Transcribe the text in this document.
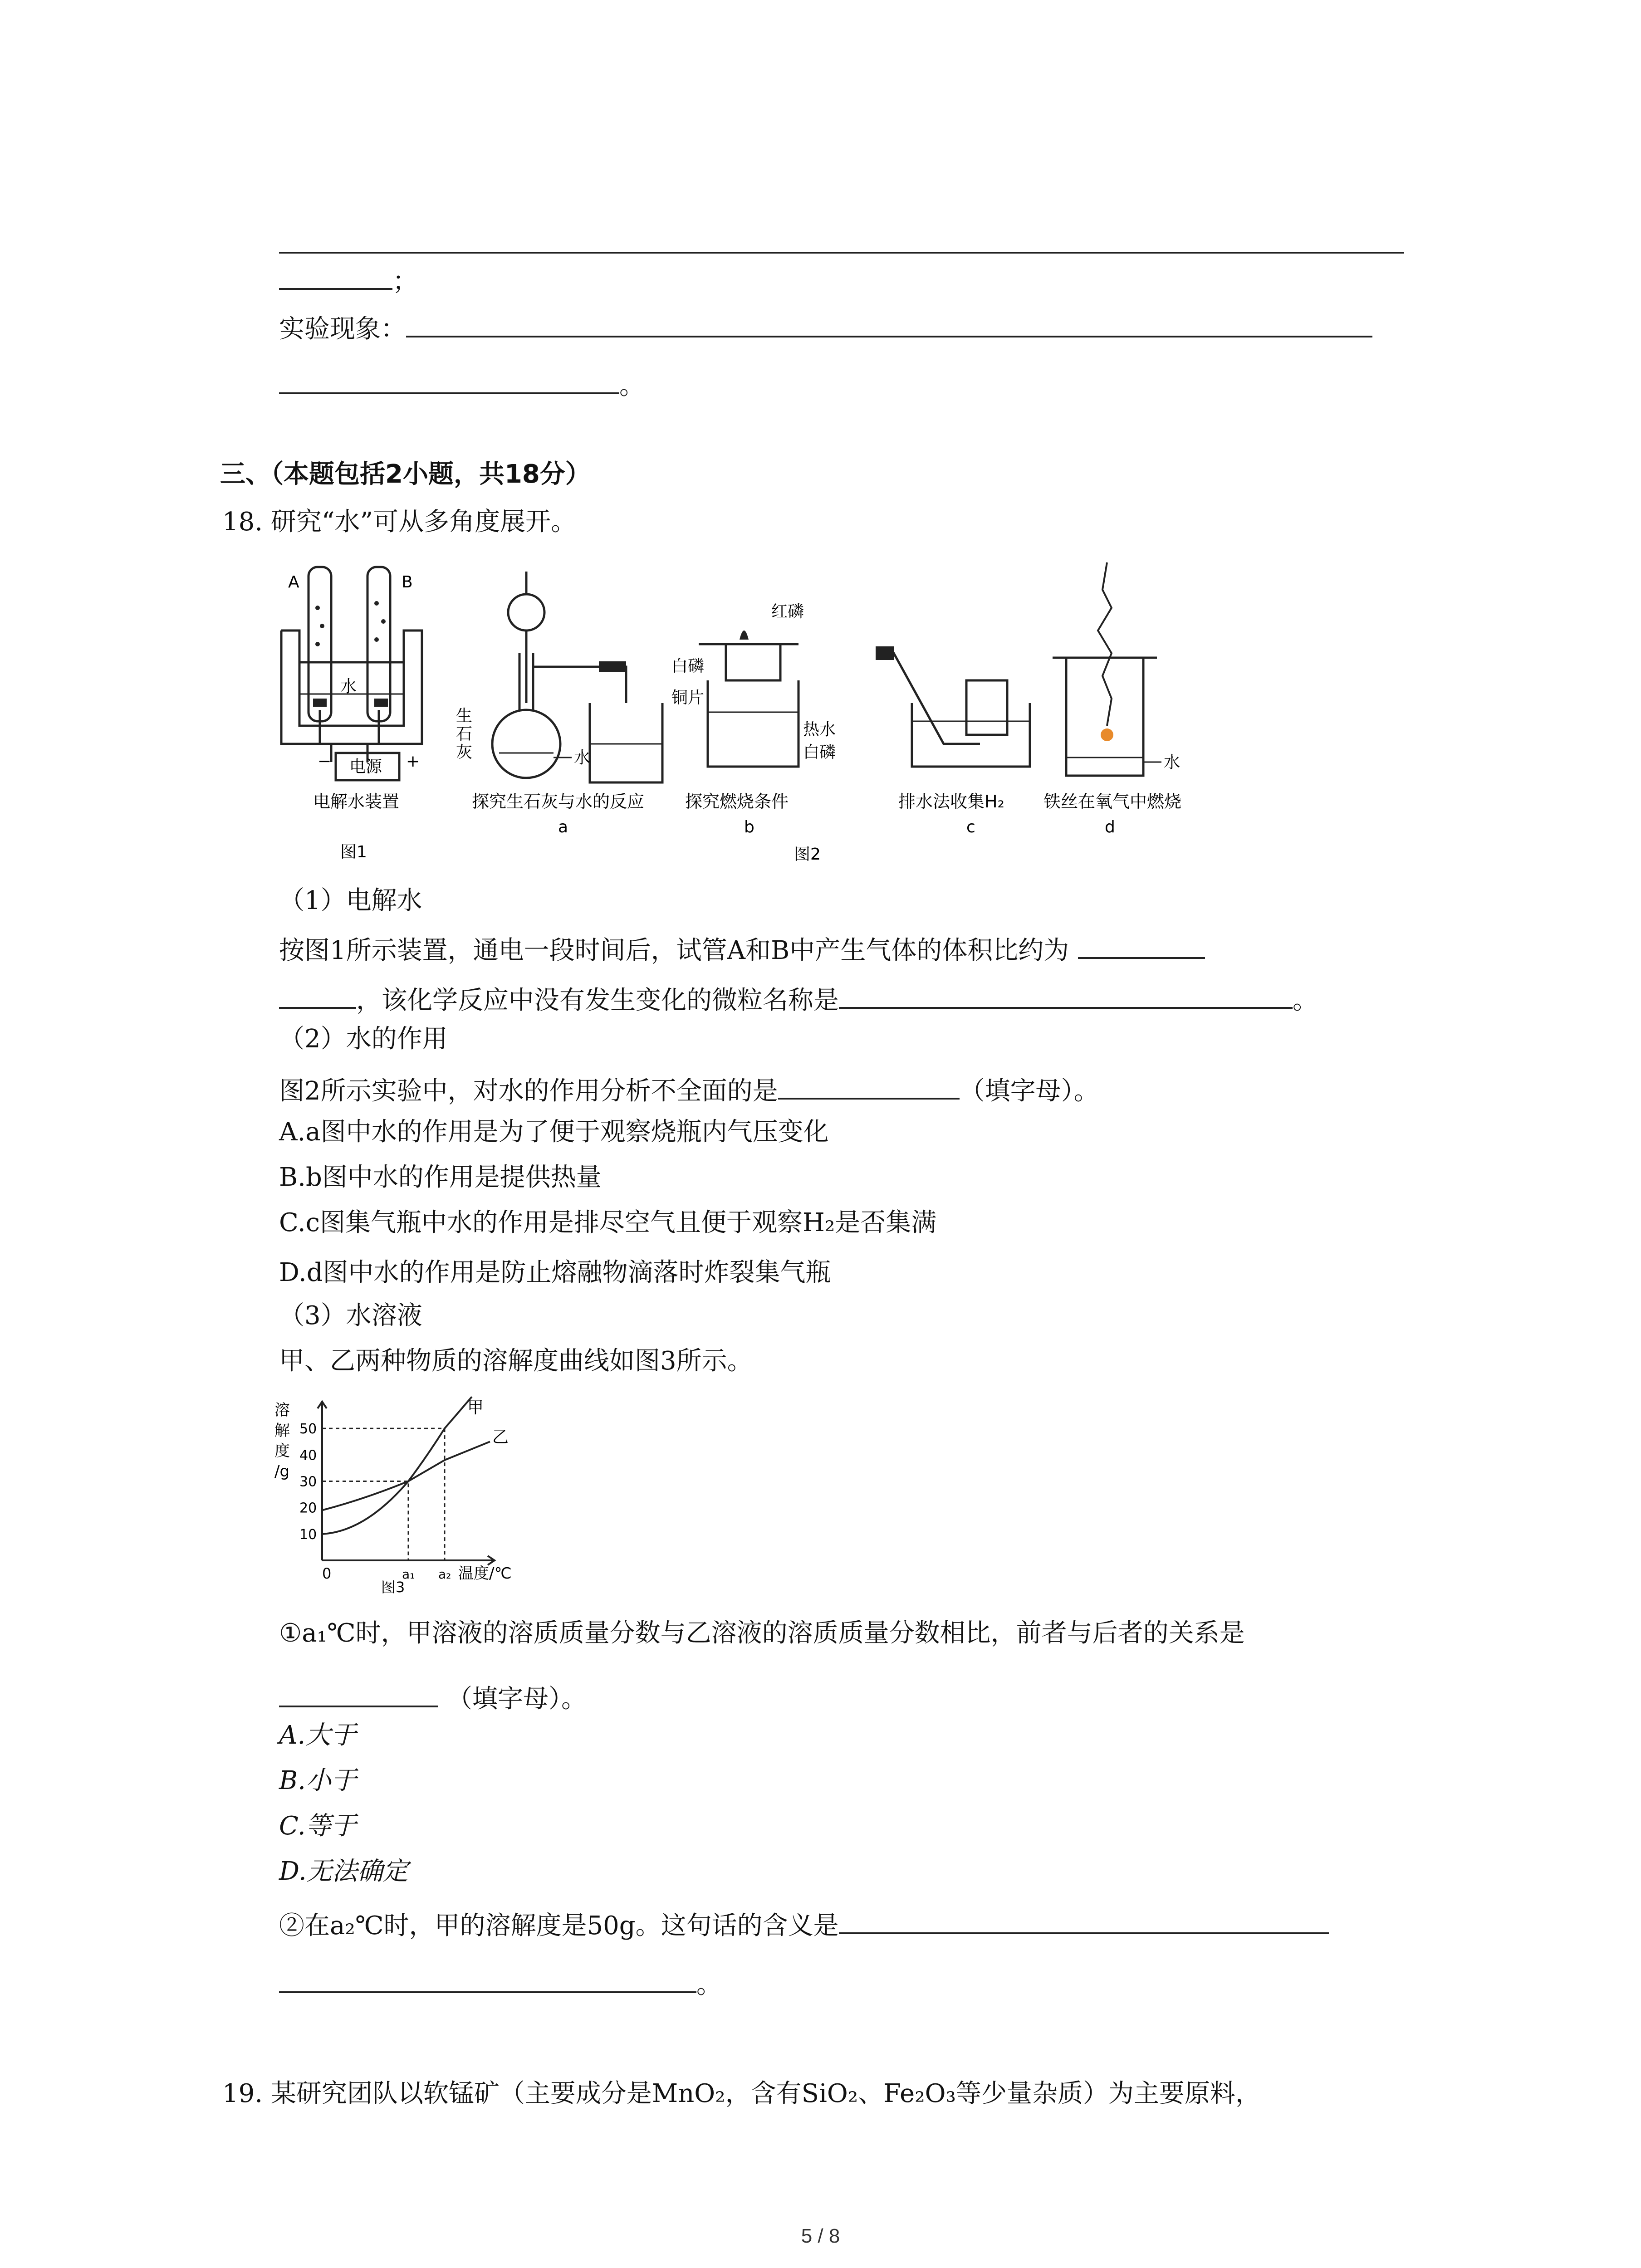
；
实验现象：
。
三、（本题包括2小题，共18分）
18. 研究“水”可从多角度展开。
A	B
水
电源
−	+
电解水装置
图1
生
石
灰	水
探究生石灰与水的反应
a
红磷
白磷
铜片
热水
白磷
探究燃烧条件
b
排水法收集H₂
c
水
铁丝在氧气中燃烧
d
图2
（1）电解水
按图1所示装置，通电一段时间后，试管A和B中产生气体的体积比约为
，该化学反应中没有发生变化的微粒名称是	。
（2）水的作用
图2所示实验中，对水的作用分析不全面的是	（填字母）。
A.a图中水的作用是为了便于观察烧瓶内气压变化
B.b图中水的作用是提供热量
C.c图集气瓶中水的作用是排尽空气且便于观察H₂是否集满
D.d图中水的作用是防止熔融物滴落时炸裂集气瓶
（3）水溶液
甲、乙两种物质的溶解度曲线如图3所示。
10
20
30
40
50
a₁ a₂
溶
解
度
/g
0	温度/℃
甲
乙
图3
①a₁℃时，甲溶液的溶质质量分数与乙溶液的溶质质量分数相比，前者与后者的关系是
（填字母）。
A.大于
B.小于
C.等于
D.无法确定
②在a₂℃时，甲的溶解度是50g。这句话的含义是
。
19. 某研究团队以软锰矿（主要成分是MnO₂，含有SiO₂、Fe₂O₃等少量杂质）为主要原料，
5 / 8
